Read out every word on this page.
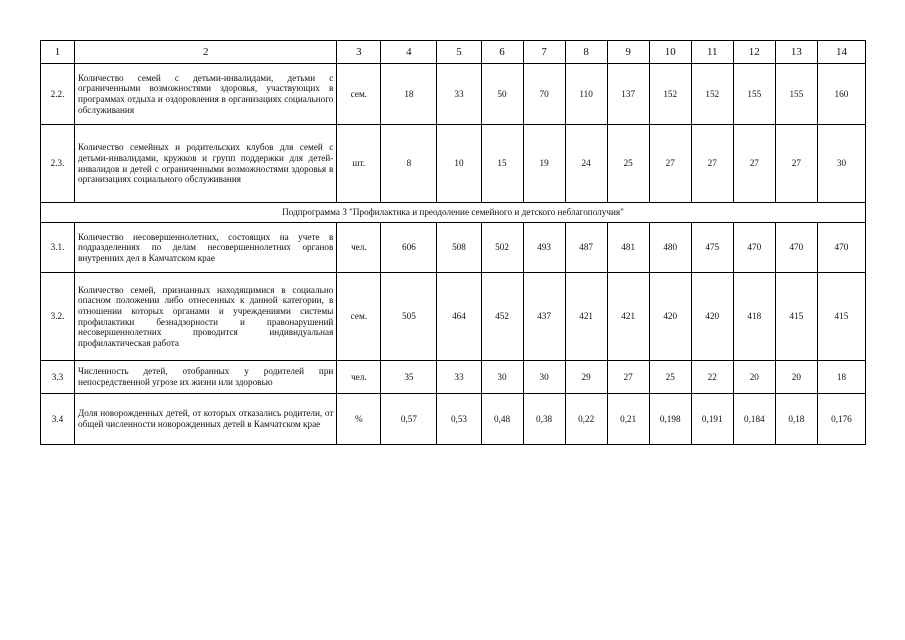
1	2	3	4	5	6	7	8	9	10	11	12	13	14
2.2.	Количество семей с детьми-инвалидами, детьми с ограниченными возможностями здоровья, участвующих в программах отдыха и оздоровления в организациях социального обслуживания	сем.	18	33	50	70	110	137	152	152	155	155	160
2.3.	Количество семейных и родительских клубов для семей с детьми-инвалидами, кружков и групп поддержки для детей-инвалидов и детей с ограниченными возможностями здоровья в организациях социального обслуживания	шт.	8	10	15	19	24	25	27	27	27	27	30
Подпрограмма 3 "Профилактика и преодоление семейного и детского неблагополучия"													
3.1.	Количество несовершеннолетних, состоящих на учете в подразделениях по делам несовершеннолетних органов внутренних дел в Камчатском крае	чел.	606	508	502	493	487	481	480	475	470	470	470
3.2.	Количество семей, признанных находящимися в социально опасном положении либо отнесенных к данной категории, в отношении которых органами и учреждениями системы профилактики безнадзорности и правонарушений несовершеннолетних проводится индивидуальная профилактическая работа	сем.	505	464	452	437	421	421	420	420	418	415	415
3.3	Численность детей, отобранных у родителей при непосредственной угрозе их жизни или здоровью	чел.	35	33	30	30	29	27	25	22	20	20	18
3.4	Доля новорожденных детей, от которых отказались родители, от общей численности новорожденных детей в Камчатском крае	%	0,57	0,53	0,48	0,38	0,22	0,21	0,198	0,191	0,184	0,18	0,176
